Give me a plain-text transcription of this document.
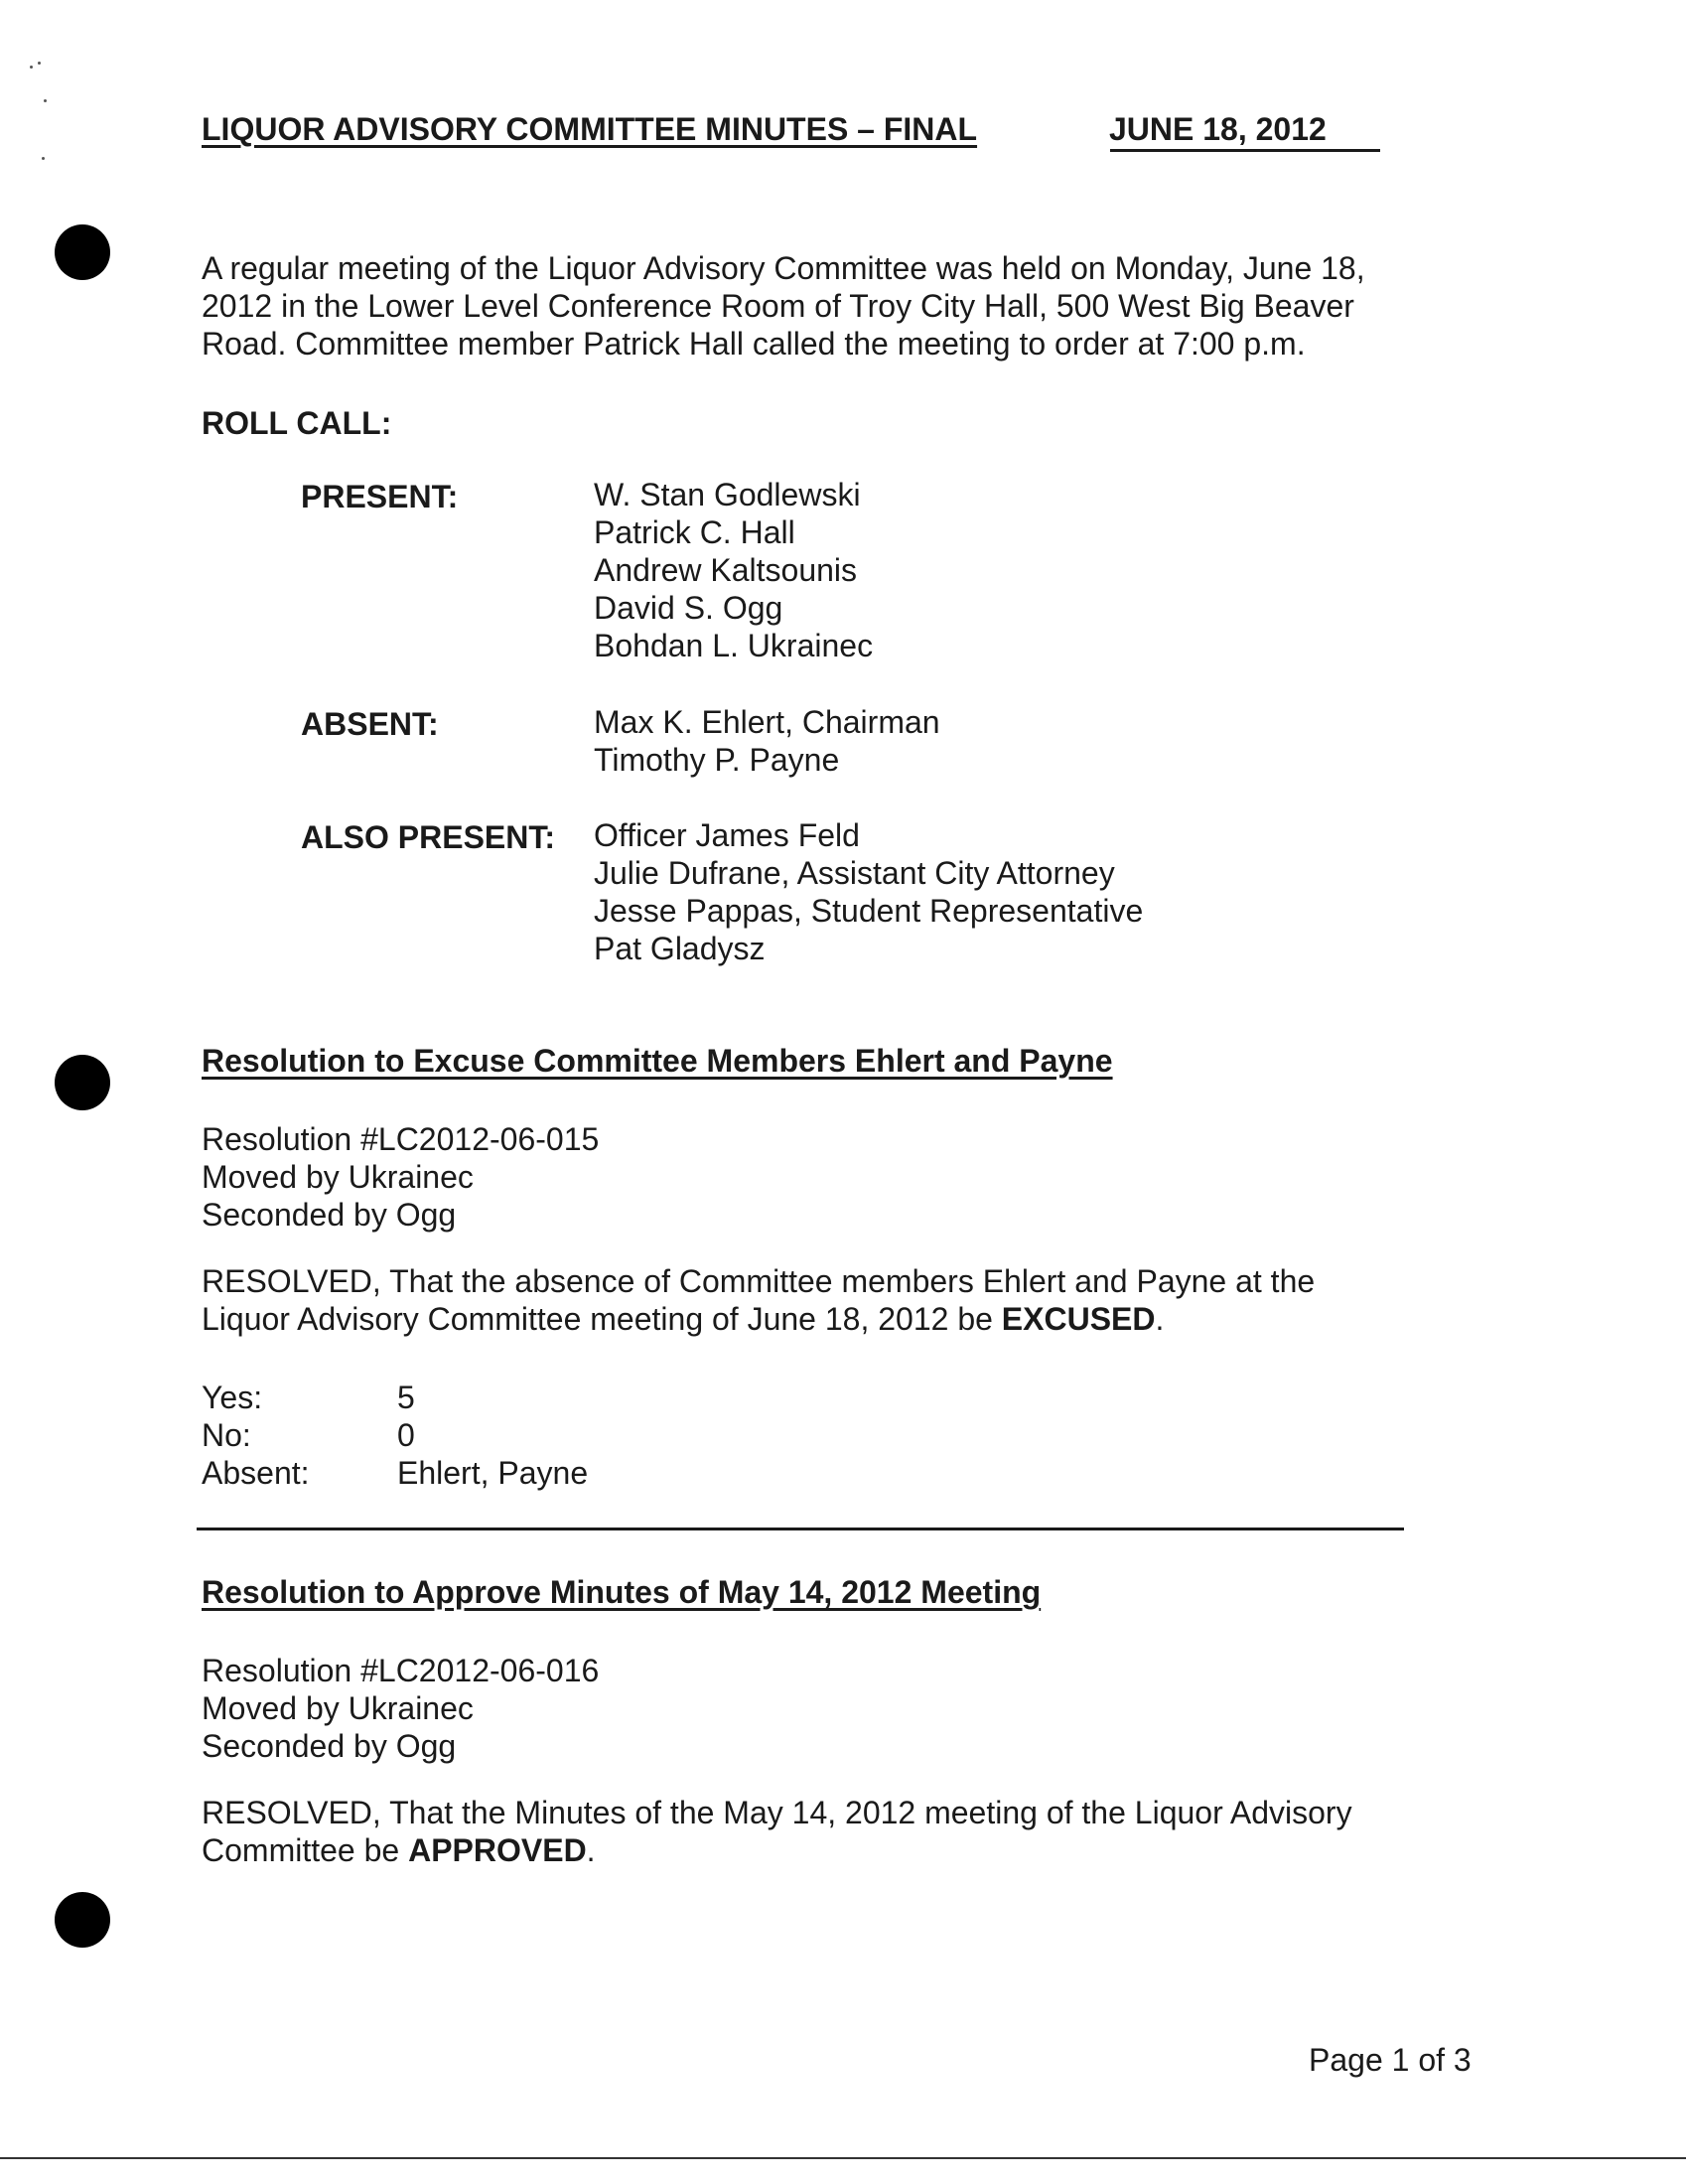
LIQUOR ADVISORY COMMITTEE MINUTES – FINAL	JUNE 18, 2012
A regular meeting of the Liquor Advisory Committee was held on Monday, June 18, 2012 in the Lower Level Conference Room of Troy City Hall, 500 West Big Beaver Road. Committee member Patrick Hall called the meeting to order at 7:00 p.m.
ROLL CALL:
PRESENT:	W. Stan Godlewski
Patrick C. Hall
Andrew Kaltsounis
David S. Ogg
Bohdan L. Ukrainec
ABSENT:	Max K. Ehlert, Chairman
Timothy P. Payne
ALSO PRESENT: Officer James Feld
Julie Dufrane, Assistant City Attorney
Jesse Pappas, Student Representative
Pat Gladysz
Resolution to Excuse Committee Members Ehlert and Payne
Resolution #LC2012-06-015
Moved by Ukrainec
Seconded by Ogg
RESOLVED, That the absence of Committee members Ehlert and Payne at the Liquor Advisory Committee meeting of June 18, 2012 be EXCUSED.
Yes:	5
No:	0
Absent:	Ehlert, Payne
Resolution to Approve Minutes of May 14, 2012 Meeting
Resolution #LC2012-06-016
Moved by Ukrainec
Seconded by Ogg
RESOLVED, That the Minutes of the May 14, 2012 meeting of the Liquor Advisory Committee be APPROVED.
Page 1 of 3
